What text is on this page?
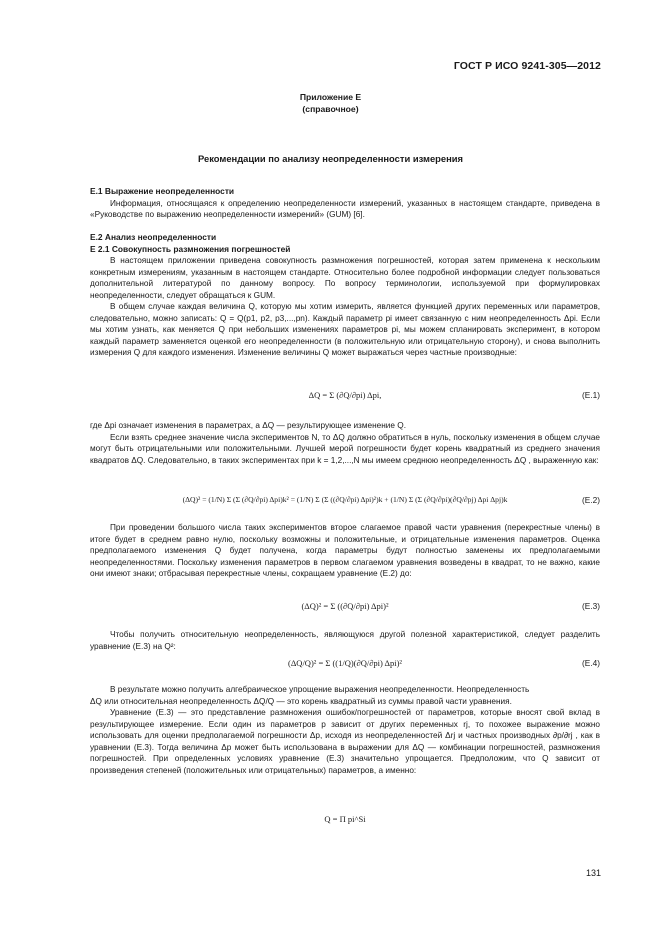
ГОСТ Р ИСО 9241-305—2012
Приложение Е
(справочное)
Рекомендации по анализу неопределенности измерения
Е.1 Выражение неопределенности

Информация, относящаяся к определению неопределенности измерений, указанных в настоящем стандарте, приведена в «Руководстве по выражению неопределенности измерений» (GUM) [6].

Е.2 Анализ неопределенности
Е 2.1 Совокупность размножения погрешностей

В настоящем приложении приведена совокупность размножения погрешностей, которая затем применена к нескольким конкретным измерениям, указанным в настоящем стандарте. Относительно более подробной информации следует пользоваться дополнительной литературой по данному вопросу. По вопросу терминологии, используемой при формулировках неопределенности, следует обращаться к GUM.

В общем случае каждая величина Q, которую мы хотим измерить, является функцией других переменных или параметров, следовательно, можно записать: Q = Q(p1, p2, p3,...,pn). Каждый параметр pi имеет связанную с ним неопределенность Δpi. Если мы хотим узнать, как меняется Q при небольших изменениях параметров pi, мы можем спланировать эксперимент, в котором каждый параметр заменяется оценкой его неопределенности (в положительную или отрицательную сторону), и снова выполнить измерения Q для каждого изменения. Изменение величины Q может выражаться через частные производные:

ΔQ = Σ (∂Q/∂pi) Δpi,	(Е.1)

где Δpi означает изменения в параметрах, а ΔQ — результирующее изменение Q.

Если взять среднее значение числа экспериментов N, то ΔQ должно обратиться в нуль, поскольку изменения в общем случае могут быть отрицательными или положительными. Лучшей мерой погрешности будет корень квадратный из среднего значения квадратов ΔQ. Следовательно, в таких экспериментах при k = 1,2,...,N мы имеем среднюю неопределенность ΔQ , выраженную как:

(ΔQ)² = (1/N) Σ (Σ (∂Q/∂pi) Δpi)k² = (1/N) Σ (Σ ((∂Q/∂pi) Δpi)²)k + (1/N) Σ (Σ (∂Q/∂pi)(∂Q/∂pj) Δpi Δpj)k	(Е.2)

При проведении большого числа таких экспериментов второе слагаемое правой части уравнения (перекрестные члены) в итоге будет в среднем равно нулю, поскольку возможны и положительные, и отрицательные изменения параметров. Оценка предполагаемого изменения Q будет получена, когда параметры будут полностью заменены их предполагаемыми неопределенностями. Поскольку изменения параметров в первом слагаемом уравнения возведены в квадрат, то не важно, какие они имеют знаки; отбрасывая перекрестные члены, сокращаем уравнение (Е.2) до:

(ΔQ)² = Σ ((∂Q/∂pi) Δpi)²	(Е.3)

Чтобы получить относительную неопределенность, являющуюся другой полезной характеристикой, следует разделить уравнение (Е.3) на Q²:

(ΔQ/Q)² = Σ ((1/Q)(∂Q/∂pi) Δpi)²	(Е.4)

В результате можно получить алгебраическое упрощение выражения неопределенности. Неопределенность

ΔQ или относительная неопределенность ΔQ/Q — это корень квадратный из суммы правой части уравнения.

Уравнение (Е.3) — это представление размножения ошибок/погрешностей от параметров, которые вносят свой вклад в результирующее измерение. Если один из параметров p зависит от других переменных rj, то похожее выражение можно использовать для оценки предполагаемой погрешности Δp, исходя из неопределенностей Δrj и частных производных ∂p/∂rj , как в уравнении (Е.3). Тогда величина Δp может быть использована в выражении для ΔQ — комбинации погрешностей, размножения погрешностей. При определенных условиях уравнение (Е.3) значительно упрощается. Предположим, что Q зависит от произведения степеней (положительных или отрицательных) параметров, а именно:

Q = Π pi^Si
131
